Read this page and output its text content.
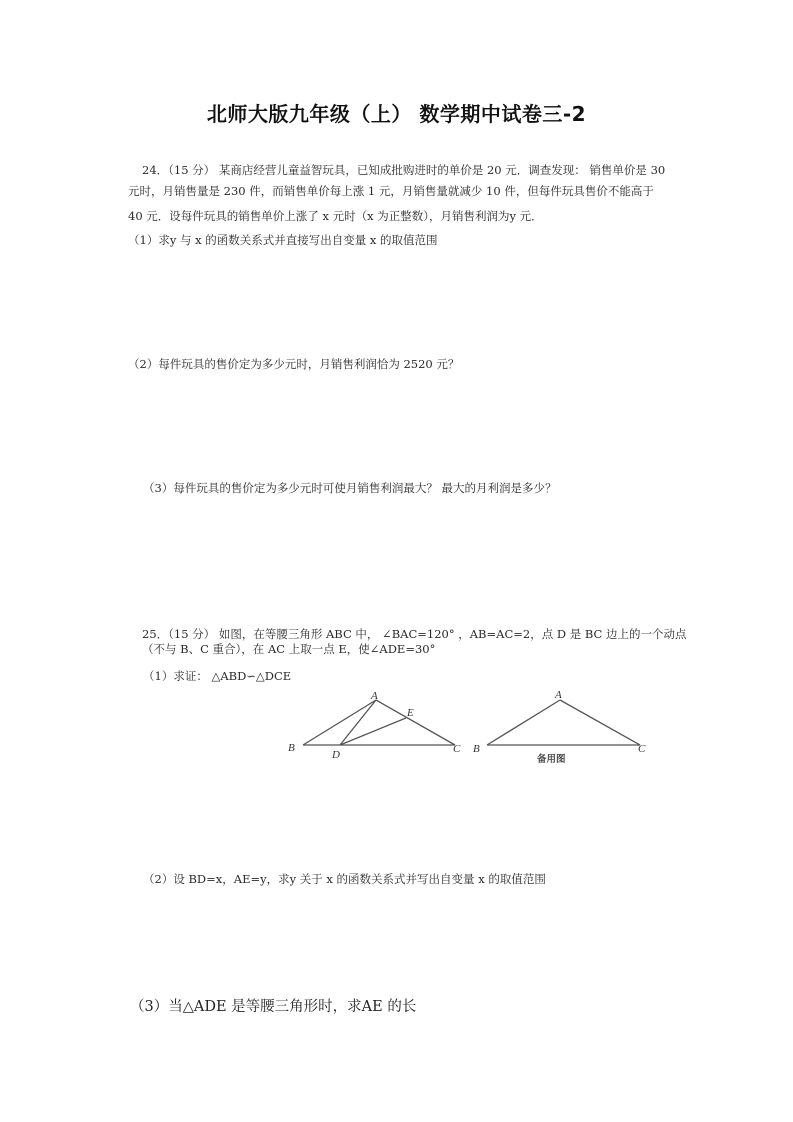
北师大版九年级（上） 数学期中试卷三-2
24．（15 分） 某商店经营儿童益智玩具，已知成批购进时的单价是 20 元．调查发现： 销售单价是 30
元时，月销售量是 230 件，而销售单价每上涨 1 元，月销售量就减少 10 件，但每件玩具售价不能高于
40 元．设每件玩具的销售单价上涨了 x 元时（x 为正整数），月销售利润为y 元．
（1）求y 与 x 的函数关系式并直接写出自变量 x 的取值范围
（2）每件玩具的售价定为多少元时，月销售利润恰为 2520 元？
（3）每件玩具的售价定为多少元时可使月销售利润最大？ 最大的月利润是多少？
25．（15 分） 如图，在等腰三角形 ABC 中， ∠BAC=120° ，AB=AC=2，点 D 是 BC 边上的一个动点
（不与 B、C 重合），在 AC 上取一点 E，使∠ADE=30°
（1）求证： △ABD∽△DCE
A
B	C
D
E
A
B	C
备用图
（2）设 BD=x，AE=y，求y 关于 x 的函数关系式并写出自变量 x 的取值范围
（3）当△ADE 是等腰三角形时，求AE 的长
